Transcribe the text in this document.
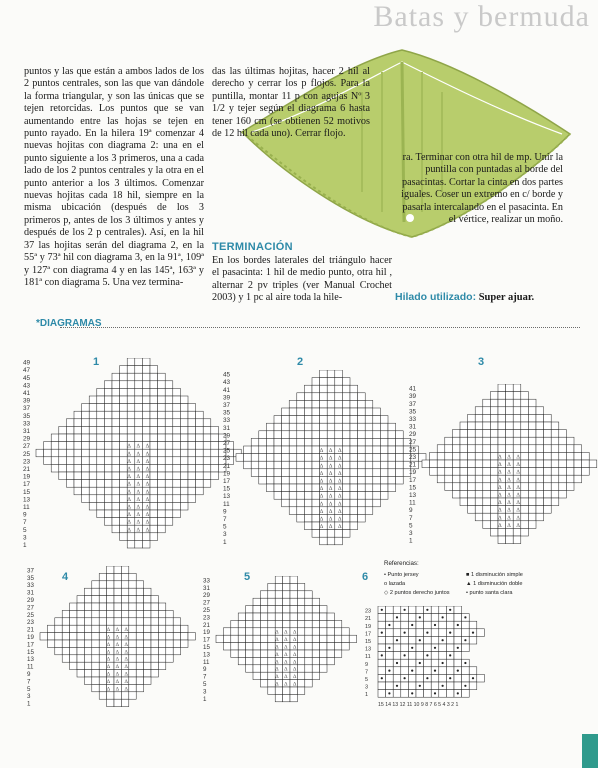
Batas y bermuda

puntos y las que están a ambos lados de los 2 puntos centrales, son las que van dándole la forma triangular, y son las únicas que se tejen retorcidas. Los puntos que se van aumentando entre las hojas se tejen en punto rayado. En la hilera 19ª comenzar 4 nuevas hojitas con diagrama 2: una en el punto siguiente a los 3 primeros, una a cada lado de los 2 puntos centrales y la otra en el punto anterior a los 3 últimos. Comenzar nuevas hojitas cada 18 hil, siempre en la misma ubicación (después de los 3 primeros p, antes de los 3 últimos y antes y después de los 2 p centrales). Así, en la hil 37 las hojitas serán del diagrama 2, en la 55ª y 73ª hil con diagrama 3, en la 91ª, 109ª y 127ª con diagrama 4 y en las 145ª, 163ª y 181ª con diagrama 5. Una vez termina-

das las últimas hojitas, hacer 2 hil al derecho y cerrar los p flojos. Para la puntilla, montar 11 p con agujas Nº 3 1/2 y tejer según el diagrama 6 hasta tener 160 cm (se obtienen 52 motivos de 12 hil cada uno). Cerrar flojo.

ra. Terminar con otra hil de mp. Unir la puntilla con puntadas al borde del pasacintas. Cortar la cinta en dos partes iguales. Coser un extremo en c/ borde y pasarla intercalando en el pasacinta. En el vértice, realizar un moño.

TERMINACIÓN
En los bordes laterales del triángulo hacer el pasacinta: 1 hil de medio punto, otra hil , alternar 2 pv triples (ver Manual Crochet 2003) y 1 pc al aire toda la hile-	Hilado utilizado: Super ajuar.
*DIAGRAMAS
49
47
45
43
41
39
37
35
33
31
29
27	∆ ∆ ∆
25	∆ ∆ ∆
23	∆ ∆ ∆
21	∆ ∆ ∆
19	∆ ∆ ∆
17	∆ ∆ ∆
15	∆ ∆ ∆
13	∆ ∆ ∆
11	∆ ∆ ∆
9	∆ ∆ ∆
7	∆ ∆ ∆
5	∆ ∆ ∆
3
1
1
45
43
41
39
37
35
33
31
29
27
25	∆ ∆ ∆
23	∆ ∆ ∆
21	∆ ∆ ∆
19	∆ ∆ ∆
17	∆ ∆ ∆
15	∆ ∆ ∆
13	∆ ∆ ∆
11	∆ ∆ ∆
9	∆ ∆ ∆
7	∆ ∆ ∆
5	∆ ∆ ∆
3
1
2
41
39
37
35
33
31
29
27
25
23	∆ ∆ ∆
21	∆ ∆ ∆
19	∆ ∆ ∆
17	∆ ∆ ∆
15	∆ ∆ ∆
13	∆ ∆ ∆
11	∆ ∆ ∆
9	∆ ∆ ∆
7	∆ ∆ ∆
5	∆ ∆ ∆
3
1
3
37
35
33
31
29
27
25
23
21	∆ ∆ ∆
19	∆ ∆ ∆
17	∆ ∆ ∆
15	∆ ∆ ∆
13	∆ ∆ ∆
11	∆ ∆ ∆
9	∆ ∆ ∆
7	∆ ∆ ∆
5	∆ ∆ ∆
3
1
4	33
31
29
27
25
23
21
19	∆ ∆ ∆
17	∆ ∆ ∆
15	∆ ∆ ∆
13	∆ ∆ ∆
11	∆ ∆ ∆
9	∆ ∆ ∆
7	∆ ∆ ∆
5	∆ ∆ ∆
3
1
5	6
Referencias:
• Punto jersey
o lazada
◇ 2 puntos derecho juntos
■ 1 disminución simple
▲ 1 disminución doble
• punto santa clara
23
21
19
17
15
13
11
9
7
5
3
1
15 14 13 12 11 10 9 8 7 6 5 4 3 2 1
